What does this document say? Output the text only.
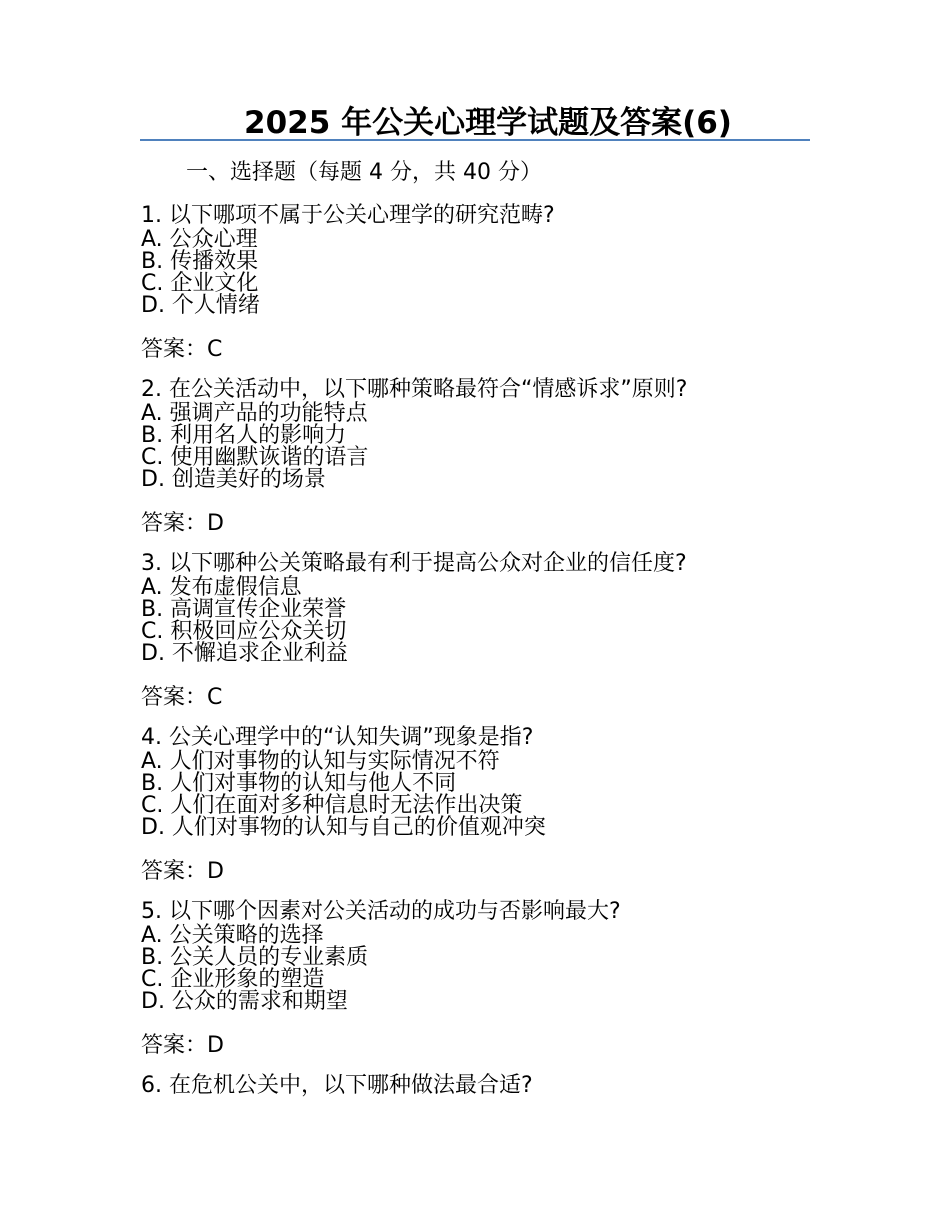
2025 年公关心理学试题及答案(6)
一、选择题（每题 4 分，共 40 分）
1. 以下哪项不属于公关心理学的研究范畴?
A. 公众心理
B. 传播效果
C. 企业文化
D. 个人情绪
答案：C
2. 在公关活动中，以下哪种策略最符合“情感诉求”原则?
A. 强调产品的功能特点
B. 利用名人的影响力
C. 使用幽默诙谐的语言
D. 创造美好的场景
答案：D
3. 以下哪种公关策略最有利于提高公众对企业的信任度?
A. 发布虚假信息
B. 高调宣传企业荣誉
C. 积极回应公众关切
D. 不懈追求企业利益
答案：C
4. 公关心理学中的“认知失调”现象是指?
A. 人们对事物的认知与实际情况不符
B. 人们对事物的认知与他人不同
C. 人们在面对多种信息时无法作出决策
D. 人们对事物的认知与自己的价值观冲突
答案：D
5. 以下哪个因素对公关活动的成功与否影响最大?
A. 公关策略的选择
B. 公关人员的专业素质
C. 企业形象的塑造
D. 公众的需求和期望
答案：D
6. 在危机公关中，以下哪种做法最合适?
